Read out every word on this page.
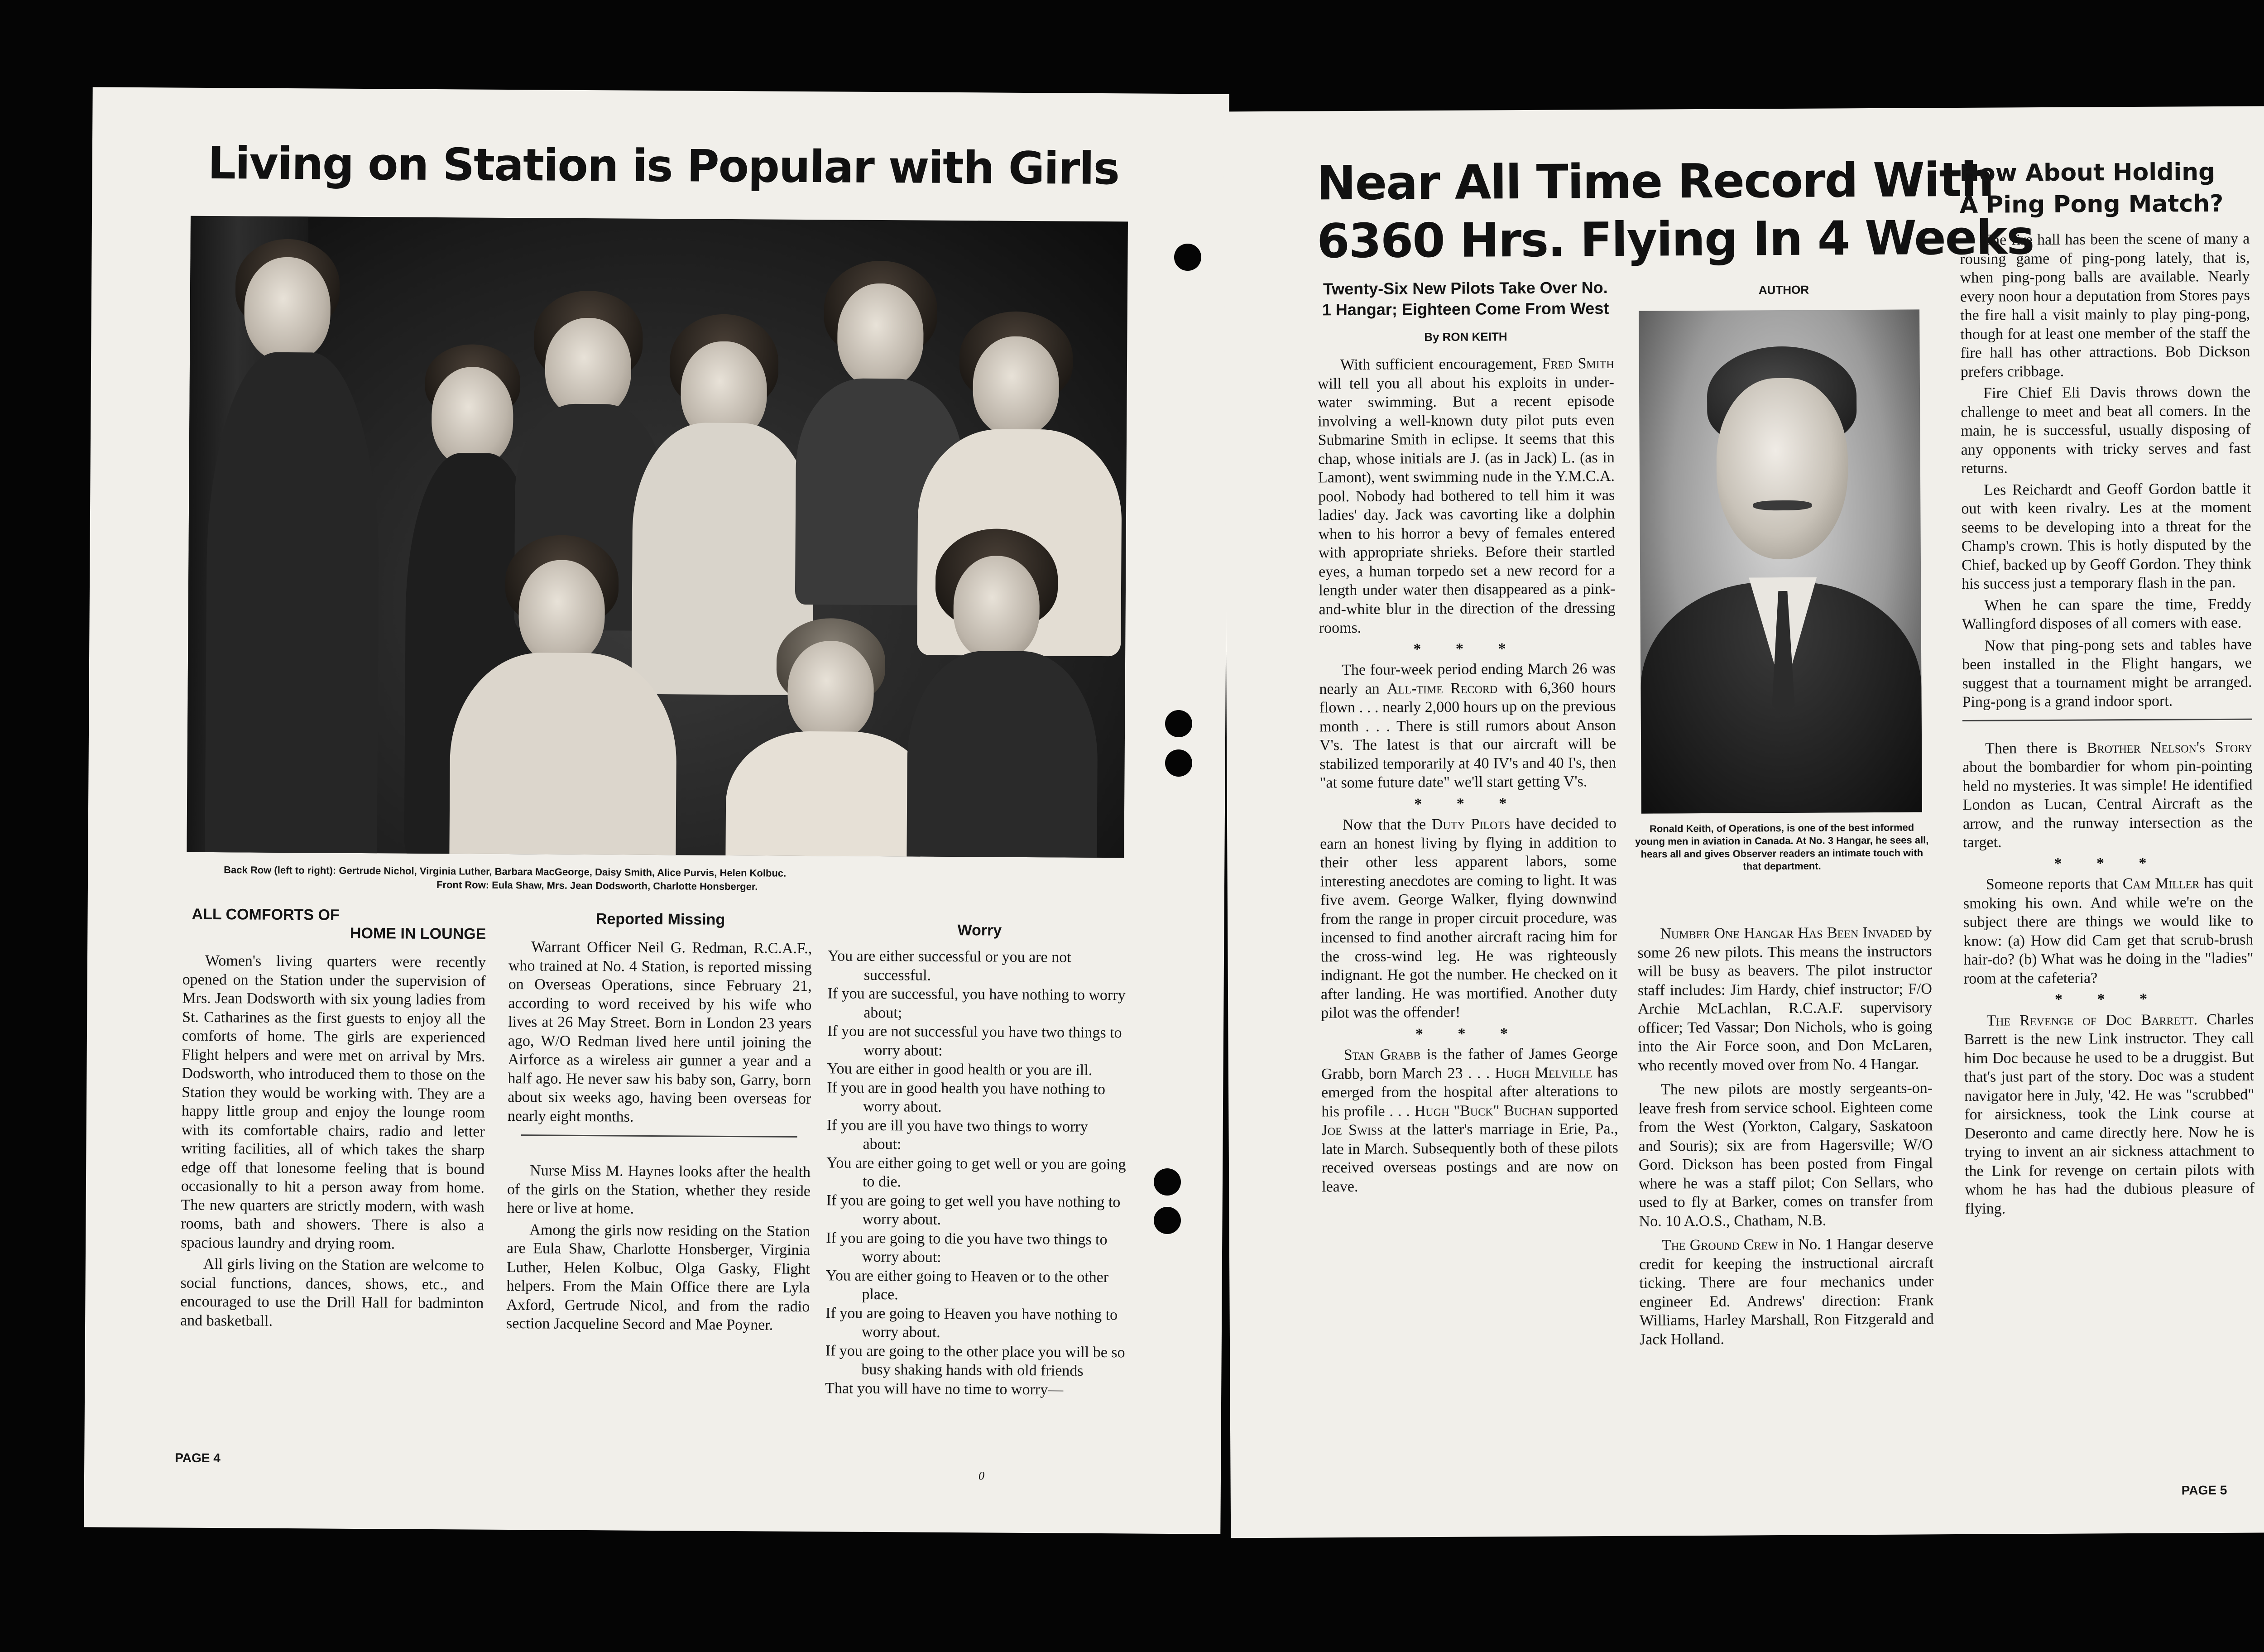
Living on Station is Popular with Girls
Back Row (left to right): Gertrude Nichol, Virginia Luther, Barbara MacGeorge, Daisy Smith, Alice Purvis, Helen Kolbuc.
Front Row: Eula Shaw, Mrs. Jean Dodsworth, Charlotte Honsberger.
ALL COMFORTS OF
HOME IN LOUNGE

Women's living quarters were recently opened on the Station under the supervision of Mrs. Jean Dodsworth with six young ladies from St. Catharines as the first guests to enjoy all the comforts of home. The girls are experienced Flight helpers and were met on arrival by Mrs. Dodsworth, who introduced them to those on the Station they would be working with. They are a happy little group and enjoy the lounge room with its comfortable chairs, radio and letter writing facilities, all of which takes the sharp edge off that lonesome feeling that is bound occasionally to hit a person away from home. The new quarters are strictly modern, with wash rooms, bath and showers. There is also a spacious laundry and drying room.

All girls living on the Station are welcome to social functions, dances, shows, etc., and encouraged to use the Drill Hall for badminton and basketball.

Reported Missing

Warrant Officer Neil G. Redman, R.C.A.F., who trained at No. 4 Station, is reported missing on Overseas Operations, since February 21, according to word received by his wife who lives at 26 May Street. Born in London 23 years ago, W/O Redman lived here until joining the Airforce as a wireless air gunner a year and a half ago. He never saw his baby son, Garry, born about six weeks ago, having been overseas for nearly eight months.

Nurse Miss M. Haynes looks after the health of the girls on the Station, whether they reside here or live at home.

Among the girls now residing on the Station are Eula Shaw, Charlotte Honsberger, Virginia Luther, Helen Kolbuc, Olga Gasky, Flight helpers. From the Main Office there are Lyla Axford, Gertrude Nicol, and from the radio section Jacqueline Secord and Mae Poyner.

Worry
You are either successful or you are not successful.
If you are successful, you have nothing to worry about;
If you are not successful you have two things to worry about:
You are either in good health or you are ill.
If you are in good health you have nothing to worry about.
If you are ill you have two things to worry about:
You are either going to get well or you are going to die.
If you are going to get well you have nothing to worry about.
If you are going to die you have two things to worry about:
You are either going to Heaven or to the other place.
If you are going to Heaven you have nothing to worry about.
If you are going to the other place you will be so busy shaking hands with old friends
That you will have no time to worry—
PAGE 4
0
Near All Time Record With
6360 Hrs. Flying In 4 Weeks
Twenty-Six New Pilots Take Over No. 1 Hangar; Eighteen Come From West
By RON KEITH

With sufficient encouragement, Fred Smith will tell you all about his exploits in under-water swimming. But a recent episode involving a well-known duty pilot puts even Submarine Smith in eclipse. It seems that this chap, whose initials are J. (as in Jack) L. (as in Lamont), went swimming nude in the Y.M.C.A. pool. Nobody had bothered to tell him it was ladies' day. Jack was cavorting like a dolphin when to his horror a bevy of females entered with appropriate shrieks. Before their startled eyes, a human torpedo set a new record for a length under water then disappeared as a pink-and-white blur in the direction of the dressing rooms.

* * *

The four-week period ending March 26 was nearly an All-time Record with 6,360 hours flown . . . nearly 2,000 hours up on the previous month . . . There is still rumors about Anson V's. The latest is that our aircraft will be stabilized temporarily at 40 IV's and 40 I's, then "at some future date" we'll start getting V's.

* * *

Now that the Duty Pilots have decided to earn an honest living by flying in addition to their other less apparent labors, some interesting anecdotes are coming to light. It was five avem. George Walker, flying downwind from the range in proper circuit procedure, was incensed to find another aircraft racing him for the cross-wind leg. He was righteously indignant. He got the number. He checked on it after landing. He was mortified. Another duty pilot was the offender!

* * *

Stan Grabb is the father of James George Grabb, born March 23 . . . Hugh Melville has emerged from the hospital after alterations to his profile . . . Hugh "Buck" Buchan supported Joe Swiss at the latter's marriage in Erie, Pa., late in March. Subsequently both of these pilots received overseas postings and are now on leave.

AUTHOR
Ronald Keith, of Operations, is one of the best informed young men in aviation in Canada. At No. 3 Hangar, he sees all, hears all and gives Observer readers an intimate touch with that department.

Number One Hangar Has Been Invaded by some 26 new pilots. This means the instructors will be busy as beavers. The pilot instructor staff includes: Jim Hardy, chief instructor; F/O Archie McLachlan, R.C.A.F. supervisory officer; Ted Vassar; Don Nichols, who is going into the Air Force soon, and Don McLaren, who recently moved over from No. 4 Hangar.

The new pilots are mostly sergeants-on-leave fresh from service school. Eighteen come from the West (Yorkton, Calgary, Saskatoon and Souris); six are from Hagersville; W/O Gord. Dickson has been posted from Fingal where he was a staff pilot; Con Sellars, who used to fly at Barker, comes on transfer from No. 10 A.O.S., Chatham, N.B.

The Ground Crew in No. 1 Hangar deserve credit for keeping the instructional aircraft ticking. There are four mechanics under engineer Ed. Andrews' direction: Frank Williams, Harley Marshall, Ron Fitzgerald and Jack Holland.

How About Holding
A Ping Pong Match?

The fire hall has been the scene of many a rousing game of ping-pong lately, that is, when ping-pong balls are available. Nearly every noon hour a deputation from Stores pays the fire hall a visit mainly to play ping-pong, though for at least one member of the staff the fire hall has other attractions. Bob Dickson prefers cribbage.

Fire Chief Eli Davis throws down the challenge to meet and beat all comers. In the main, he is successful, usually disposing of any opponents with tricky serves and fast returns.

Les Reichardt and Geoff Gordon battle it out with keen rivalry. Les at the moment seems to be developing into a threat for the Champ's crown. This is hotly disputed by the Chief, backed up by Geoff Gordon. They think his success just a temporary flash in the pan.

When he can spare the time, Freddy Wallingford disposes of all comers with ease.

Now that ping-pong sets and tables have been installed in the Flight hangars, we suggest that a tournament might be arranged. Ping-pong is a grand indoor sport.

Then there is Brother Nelson's Story about the bombardier for whom pin-pointing held no mysteries. It was simple! He identified London as Lucan, Central Aircraft as the arrow, and the runway intersection as the target.

* * *

Someone reports that Cam Miller has quit smoking his own. And while we're on the subject there are things we would like to know: (a) How did Cam get that scrub-brush hair-do? (b) What was he doing in the "ladies" room at the cafeteria?

* * *

The Revenge of Doc Barrett. Charles Barrett is the new Link instructor. They call him Doc because he used to be a druggist. But that's just part of the story. Doc was a student navigator here in July, '42. He was "scrubbed" for airsickness, took the Link course at Deseronto and came directly here. Now he is trying to invent an air sickness attachment to the Link for revenge on certain pilots with whom he has had the dubious pleasure of flying.

PAGE 5
